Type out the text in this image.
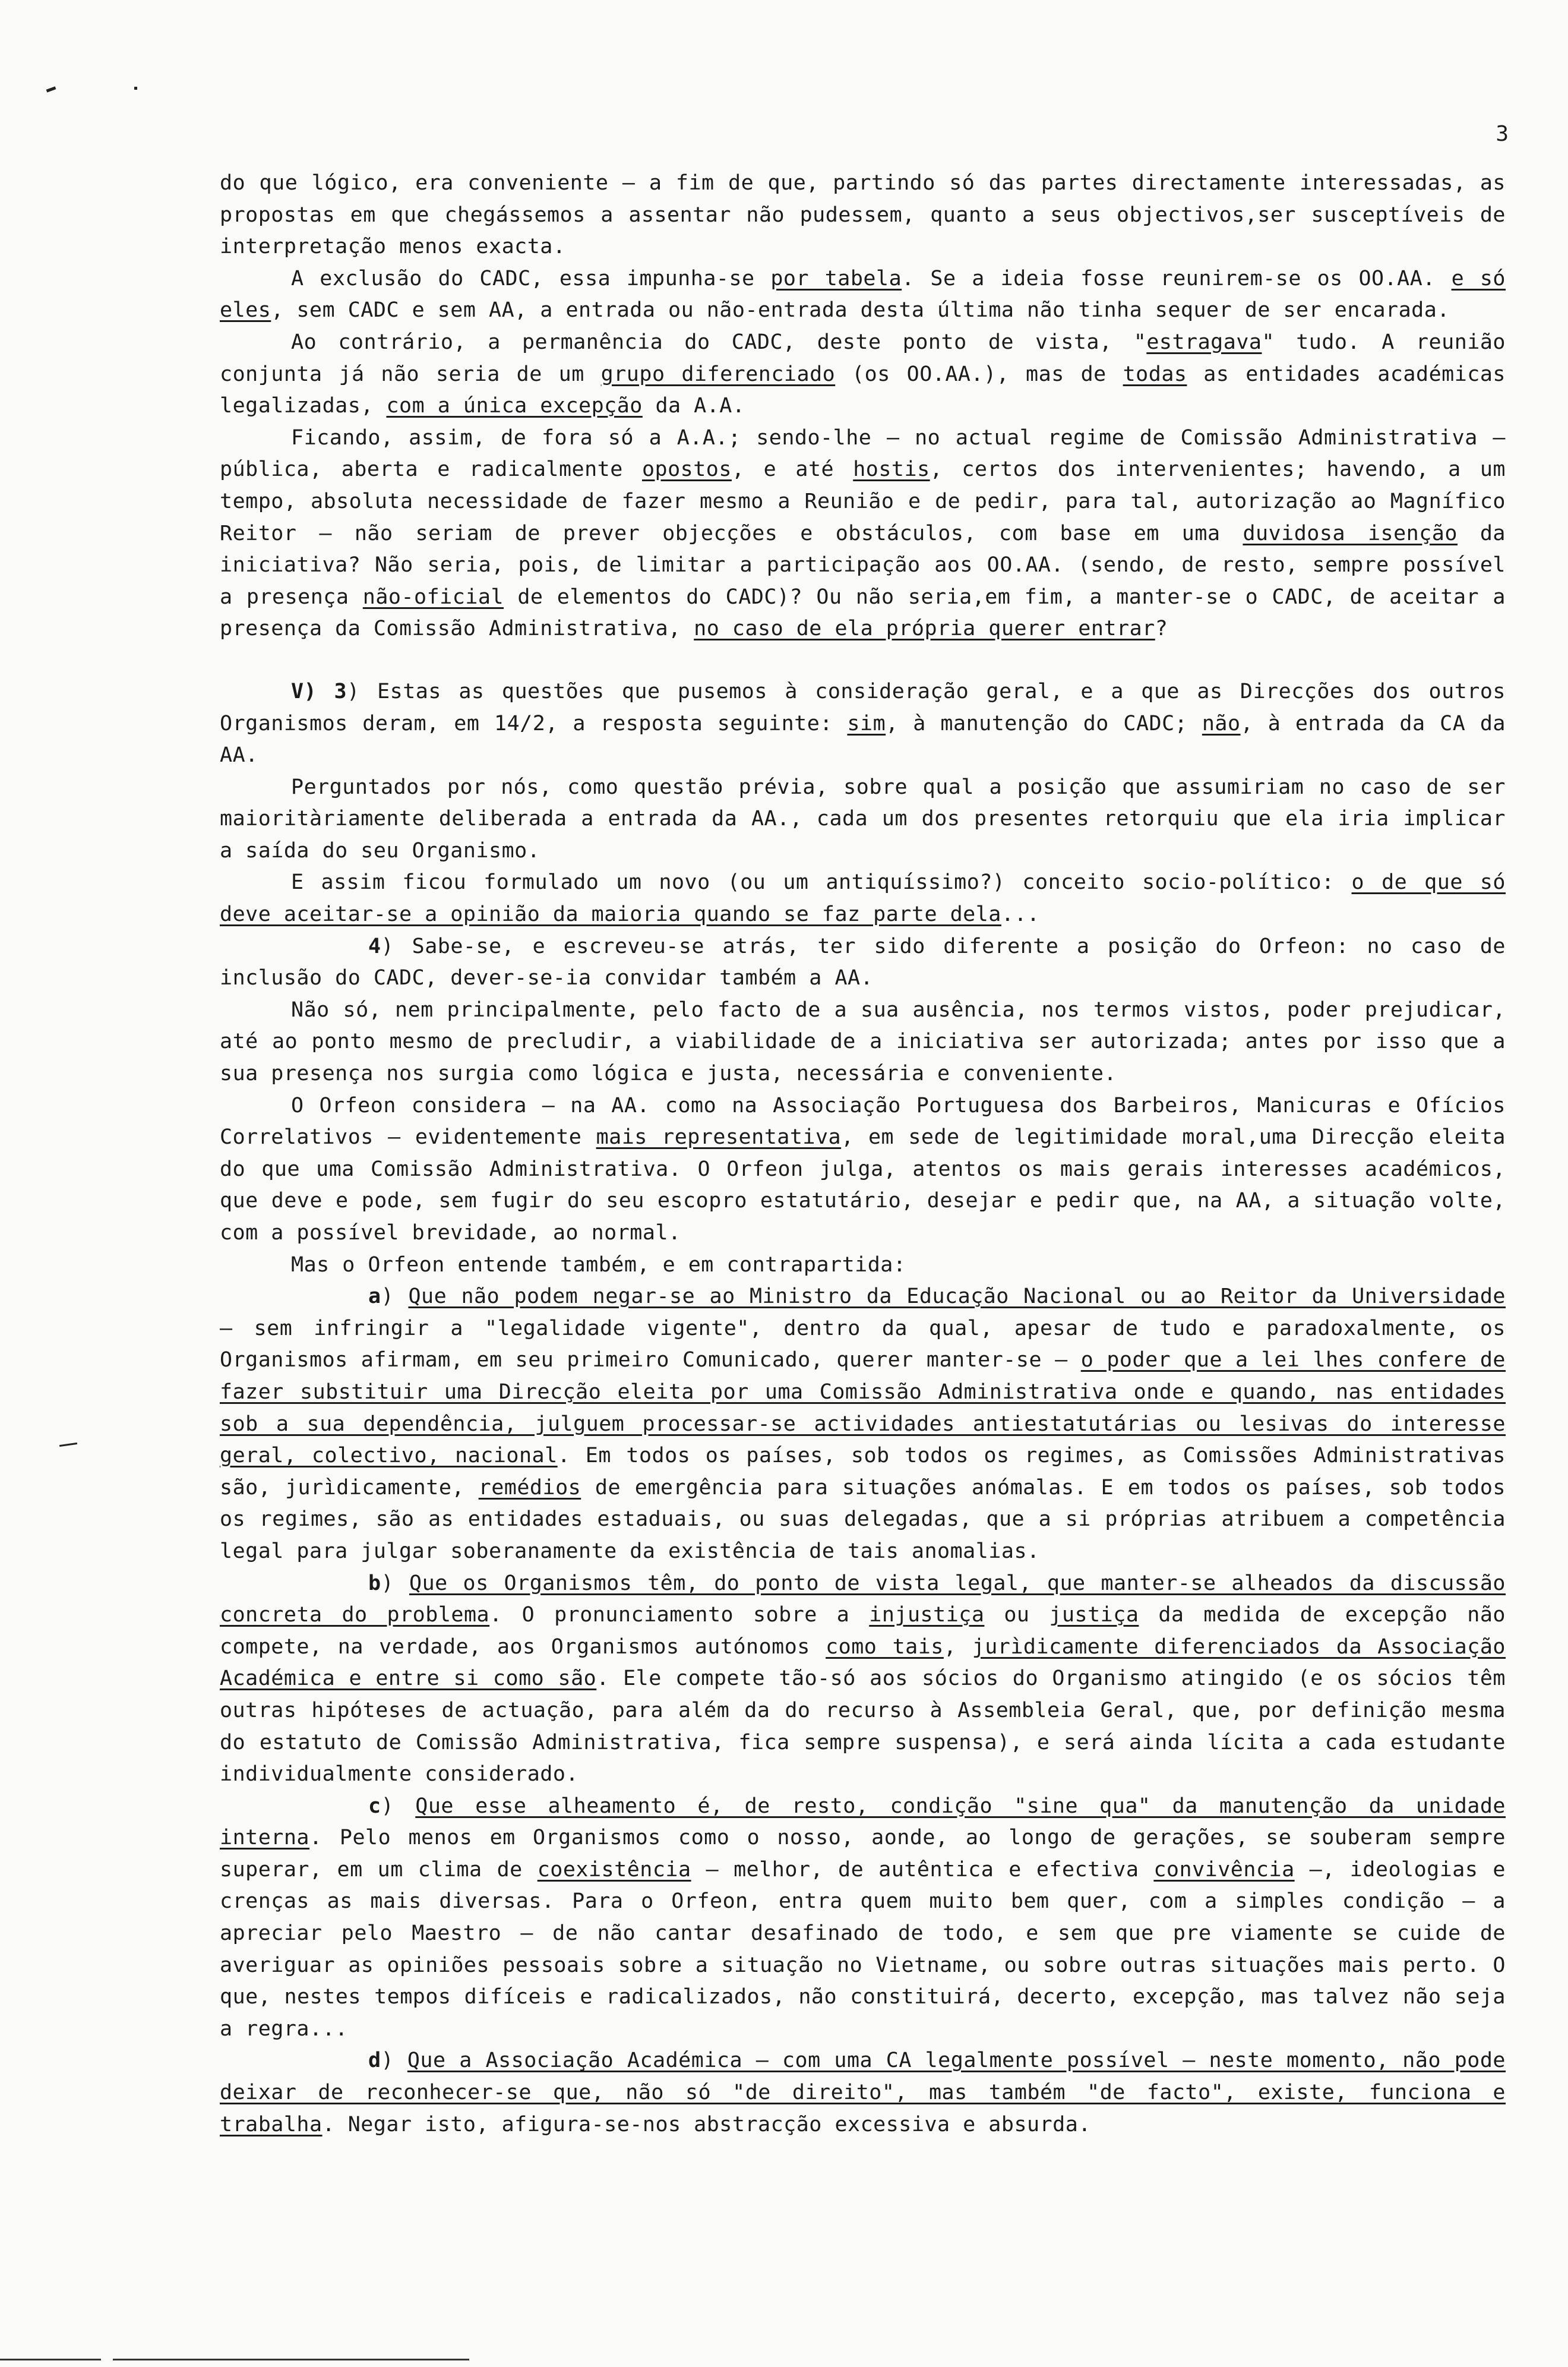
3

do que lógico, era conveniente — a fim de que, partindo só das partes directamente interessadas, as propostas em que chegássemos a assentar não pudessem, quanto a seus objectivos,ser susceptíveis de interpretação menos exacta.

A exclusão do CADC, essa impunha-se por tabela. Se a ideia fosse reunirem-se os OO.AA. e só eles, sem CADC e sem AA, a entrada ou não-entrada desta última não tinha sequer de ser encarada.

Ao contrário, a permanência do CADC, deste ponto de vista, "estragava" tudo. A reunião conjunta já não seria de um grupo diferenciado (os OO.AA.), mas de todas as entidades académicas legalizadas, com a única excepção da A.A.

Ficando, assim, de fora só a A.A.; sendo-lhe — no actual regime de Comissão Administrativa — pública, aberta e radicalmente opostos, e até hostis, certos dos intervenientes; havendo, a um tempo, absoluta necessidade de fazer mesmo a Reunião e de pedir, para tal, autorização ao Magnífico Reitor — não seriam de prever objecções e obstáculos, com base em uma duvidosa isenção da iniciativa? Não seria, pois, de limitar a participação aos OO.AA. (sendo, de resto, sempre possível a presença não-oficial de elementos do CADC)? Ou não seria,em fim, a manter-se o CADC, de aceitar a presença da Comissão Administrativa, no caso de ela própria querer entrar?

V) 3) Estas as questões que pusemos à consideração geral, e a que as Direcções dos outros Organismos deram, em 14/2, a resposta seguinte: sim, à manutenção do CADC; não, à entrada da CA da AA.

Perguntados por nós, como questão prévia, sobre qual a posição que assumiriam no caso de ser maioritàriamente deliberada a entrada da AA., cada um dos presentes retorquiu que ela iria implicar a saída do seu Organismo.

E assim ficou formulado um novo (ou um antiquíssimo?) conceito socio-político: o de que só deve aceitar-se a opinião da maioria quando se faz parte dela...

4) Sabe-se, e escreveu-se atrás, ter sido diferente a posição do Orfeon: no caso de inclusão do CADC, dever-se-ia convidar também a AA.

Não só, nem principalmente, pelo facto de a sua ausência, nos termos vistos, poder prejudicar, até ao ponto mesmo de precludir, a viabilidade de a iniciativa ser autorizada; antes por isso que a sua presença nos surgia como lógica e justa, necessária e conveniente.

O Orfeon considera — na AA. como na Associação Portuguesa dos Barbeiros, Manicuras e Ofícios Correlativos — evidentemente mais representativa, em sede de legitimidade moral,uma Direcção eleita do que uma Comissão Administrativa. O Orfeon julga, atentos os mais gerais interesses académicos, que deve e pode, sem fugir do seu escopro estatutário, desejar e pedir que, na AA, a situação volte, com a possível brevidade, ao normal.

Mas o Orfeon entende também, e em contrapartida:

a) Que não podem negar-se ao Ministro da Educação Nacional ou ao Reitor da Universidade — sem infringir a "legalidade vigente", dentro da qual, apesar de tudo e paradoxalmente, os Organismos afirmam, em seu primeiro Comunicado, querer manter-se — o poder que a lei lhes confere de fazer substituir uma Direcção eleita por uma Comissão Administrativa onde e quando, nas entidades sob a sua dependência, julguem processar-se actividades antiestatutárias ou lesivas do interesse geral, colectivo, nacional. Em todos os países, sob todos os regimes, as Comissões Administrativas são, jurìdicamente, remédios de emergência para situações anómalas. E em todos os países, sob todos os regimes, são as entidades estaduais, ou suas delegadas, que a si próprias atribuem a competência legal para julgar soberanamente da existência de tais anomalias.

b) Que os Organismos têm, do ponto de vista legal, que manter-se alheados da discussão concreta do problema. O pronunciamento sobre a injustiça ou justiça da medida de excepção não compete, na verdade, aos Organismos autónomos como tais, jurìdicamente diferenciados da Associação Académica e entre si como são. Ele compete tão-só aos sócios do Organismo atingido (e os sócios têm outras hipóteses de actuação, para além da do recurso à Assembleia Geral, que, por definição mesma do estatuto de Comissão Administrativa, fica sempre suspensa), e será ainda lícita a cada estudante individualmente considerado.

c) Que esse alheamento é, de resto, condição "sine qua" da manutenção da unidade interna. Pelo menos em Organismos como o nosso, aonde, ao longo de gerações, se souberam sempre superar, em um clima de coexistência — melhor, de autêntica e efectiva convivência —, ideologias e crenças as mais diversas. Para o Orfeon, entra quem muito bem quer, com a simples condição — a apreciar pelo Maestro — de não cantar desafinado de todo, e sem que pre viamente se cuide de averiguar as opiniões pessoais sobre a situação no Vietname, ou sobre outras situações mais perto. O que, nestes tempos difíceis e radicalizados, não constituirá, decerto, excepção, mas talvez não seja a regra...

d) Que a Associação Académica — com uma CA legalmente possível — neste momento, não pode deixar de reconhecer-se que, não só "de direito", mas também "de facto", existe, funciona e trabalha. Negar isto, afigura-se-nos abstracção excessiva e absurda.
